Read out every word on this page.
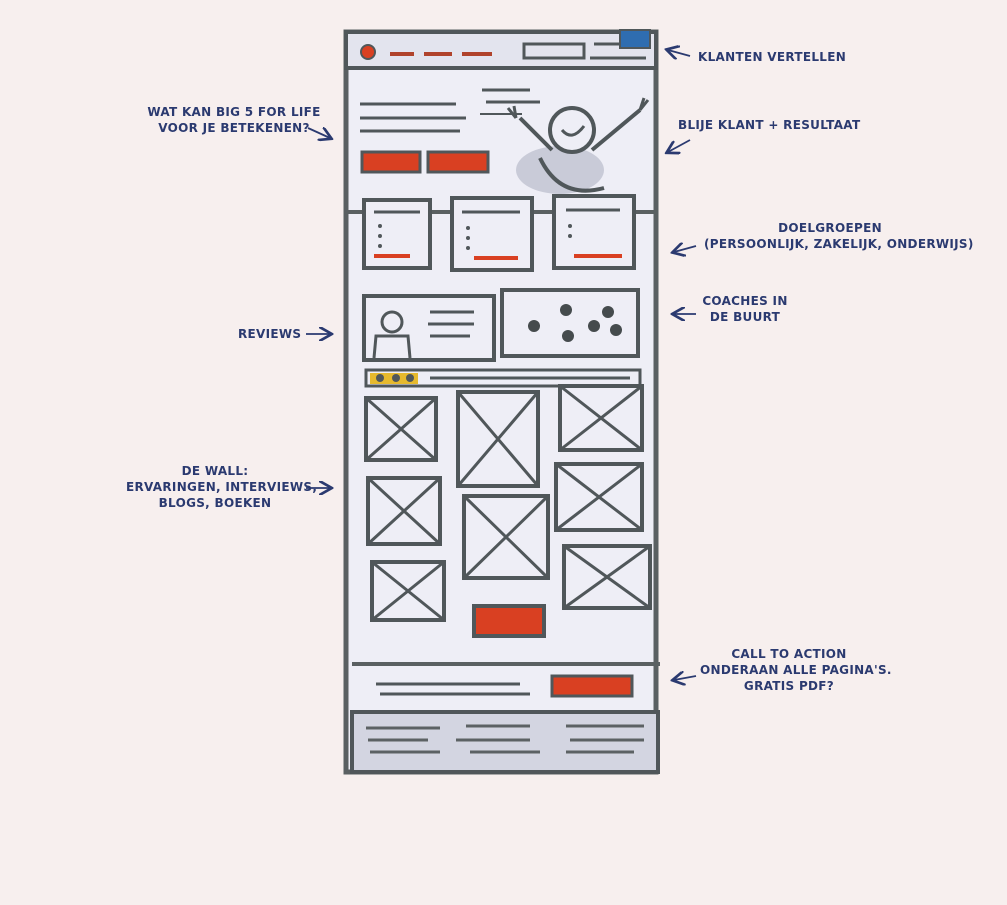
KLANTEN VERTELLEN
BLIJE KLANT + RESULTAAT
DOELGROEPEN
(PERSOONLIJK, ZAKELIJK, ONDERWIJS)
COACHES IN
DE BUURT
CALL TO ACTION
ONDERAAN ALLE PAGINA'S.
GRATIS PDF?
WAT KAN BIG 5 FOR LIFE
VOOR JE BETEKENEN?
REVIEWS
DE WALL:
ERVARINGEN, INTERVIEWS,
BLOGS, BOEKEN
